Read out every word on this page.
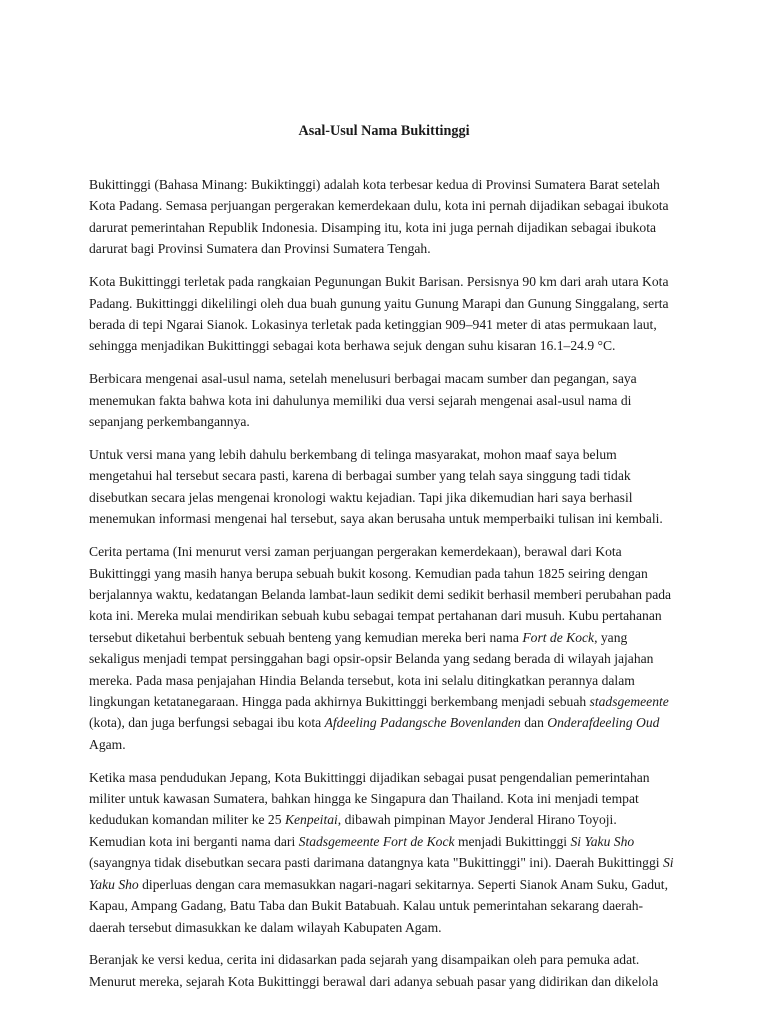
Asal-Usul Nama Bukittinggi

Bukittinggi (Bahasa Minang: Bukiktinggi) adalah kota terbesar kedua di Provinsi Sumatera Barat setelah Kota Padang. Semasa perjuangan pergerakan kemerdekaan dulu, kota ini pernah dijadikan sebagai ibukota darurat pemerintahan Republik Indonesia. Disamping itu, kota ini juga pernah dijadikan sebagai ibukota darurat bagi Provinsi Sumatera dan Provinsi Sumatera Tengah.

Kota Bukittinggi terletak pada rangkaian Pegunungan Bukit Barisan. Persisnya 90 km dari arah utara Kota Padang. Bukittinggi dikelilingi oleh dua buah gunung yaitu Gunung Marapi dan Gunung Singgalang, serta berada di tepi Ngarai Sianok. Lokasinya terletak pada ketinggian 909–941 meter di atas permukaan laut, sehingga menjadikan Bukittinggi sebagai kota berhawa sejuk dengan suhu kisaran 16.1–24.9 °C.

Berbicara mengenai asal-usul nama, setelah menelusuri berbagai macam sumber dan pegangan, saya menemukan fakta bahwa kota ini dahulunya memiliki dua versi sejarah mengenai asal-usul nama di sepanjang perkembangannya.

Untuk versi mana yang lebih dahulu berkembang di telinga masyarakat, mohon maaf saya belum mengetahui hal tersebut secara pasti, karena di berbagai sumber yang telah saya singgung tadi tidak disebutkan secara jelas mengenai kronologi waktu kejadian. Tapi jika dikemudian hari saya berhasil menemukan informasi mengenai hal tersebut, saya akan berusaha untuk memperbaiki tulisan ini kembali.

Cerita pertama (Ini menurut versi zaman perjuangan pergerakan kemerdekaan), berawal dari Kota Bukittinggi yang masih hanya berupa sebuah bukit kosong. Kemudian pada tahun 1825 seiring dengan berjalannya waktu, kedatangan Belanda lambat-laun sedikit demi sedikit berhasil memberi perubahan pada kota ini. Mereka mulai mendirikan sebuah kubu sebagai tempat pertahanan dari musuh. Kubu pertahanan tersebut diketahui berbentuk sebuah benteng yang kemudian mereka beri nama Fort de Kock, yang sekaligus menjadi tempat persinggahan bagi opsir-opsir Belanda yang sedang berada di wilayah jajahan mereka. Pada masa penjajahan Hindia Belanda tersebut, kota ini selalu ditingkatkan perannya dalam lingkungan ketatanegaraan. Hingga pada akhirnya Bukittinggi berkembang menjadi sebuah stadsgemeente (kota), dan juga berfungsi sebagai ibu kota Afdeeling Padangsche Bovenlanden dan Onderafdeeling Oud Agam.

Ketika masa pendudukan Jepang, Kota Bukittinggi dijadikan sebagai pusat pengendalian pemerintahan militer untuk kawasan Sumatera, bahkan hingga ke Singapura dan Thailand. Kota ini menjadi tempat kedudukan komandan militer ke 25 Kenpeitai, dibawah pimpinan Mayor Jenderal Hirano Toyoji. Kemudian kota ini berganti nama dari Stadsgemeente Fort de Kock menjadi Bukittinggi Si Yaku Sho (sayangnya tidak disebutkan secara pasti darimana datangnya kata "Bukittinggi" ini). Daerah Bukittinggi Si Yaku Sho diperluas dengan cara memasukkan nagari-nagari sekitarnya. Seperti Sianok Anam Suku, Gadut, Kapau, Ampang Gadang, Batu Taba dan Bukit Batabuah. Kalau untuk pemerintahan sekarang daerah-daerah tersebut dimasukkan ke dalam wilayah Kabupaten Agam.

Beranjak ke versi kedua, cerita ini didasarkan pada sejarah yang disampaikan oleh para pemuka adat. Menurut mereka, sejarah Kota Bukittinggi berawal dari adanya sebuah pasar yang didirikan dan dikelola
